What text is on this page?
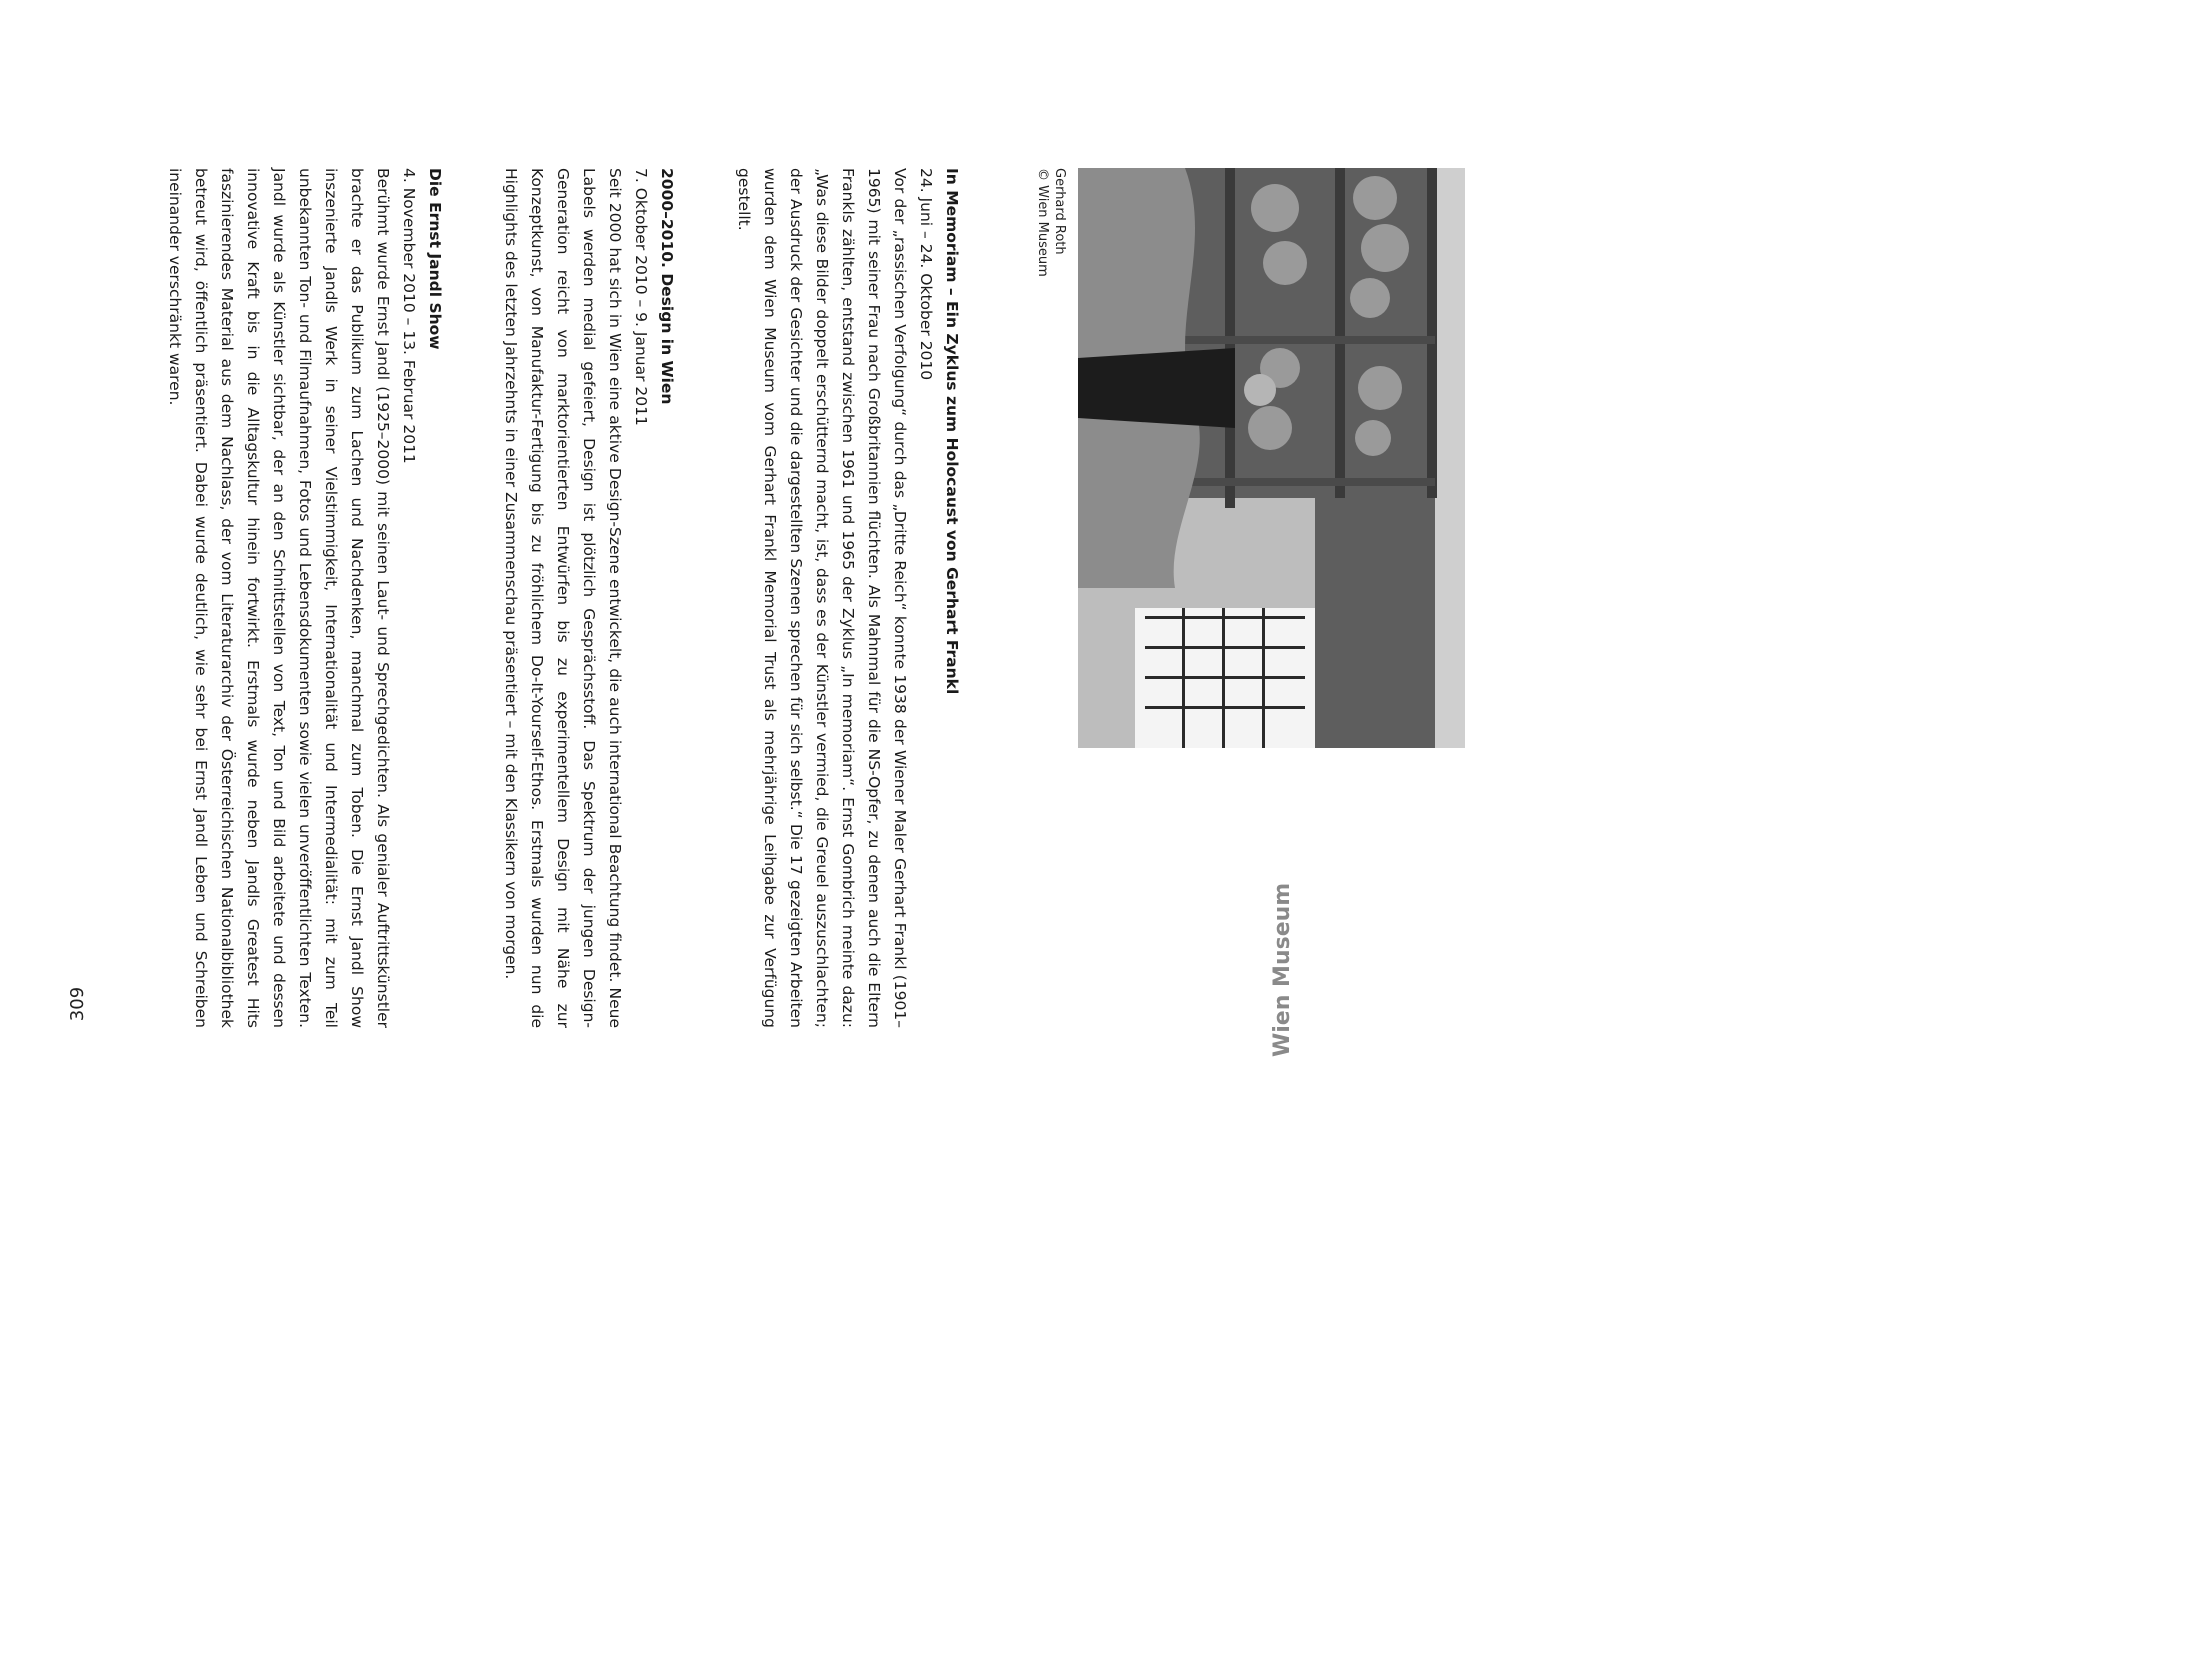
Gerhard Roth
© Wien Museum
In Memoriam – Ein Zyklus zum Holocaust von Gerhart Frankl
24. Juni – 24. Oktober 2010
Vor der „rassischen Verfolgung“ durch das „Dritte Reich“ konnte 1938 der Wiener Maler Gerhart Frankl (1901–1965) mit seiner Frau nach Großbritannien flüchten. Als Mahnmal für die NS-Opfer, zu denen auch die Eltern Frankls zählten, entstand zwischen 1961 und 1965 der Zyklus „In memoriam“. Ernst Gombrich meinte dazu: „Was diese Bilder doppelt erschütternd macht, ist, dass es der Künstler vermied, die Greuel auszuschlachten; der Ausdruck der Gesichter und die dargestellten Szenen sprechen für sich selbst.“ Die 17 gezeigten Arbeiten wurden dem Wien Museum vom Gerhart Frankl Memorial Trust als mehrjährige Leihgabe zur Verfügung gestellt.
2000–2010. Design in Wien
7. Oktober 2010 – 9. Januar 2011
Seit 2000 hat sich in Wien eine aktive Design-Szene entwickelt, die auch international Beachtung findet. Neue Labels werden medial gefeiert, Design ist plötzlich Gesprächsstoff. Das Spektrum der jungen Design-Generation reicht von marktorientierten Entwürfen bis zu experimentellem Design mit Nähe zur Konzeptkunst, von Manufaktur-Fertigung bis zu fröhlichem Do-It-Yourself-Ethos. Erstmals wurden nun die Highlights des letzten Jahrzehnts in einer Zusammenschau präsentiert – mit den Klassikern von morgen.
Die Ernst Jandl Show
4. November 2010 – 13. Februar 2011
Berühmt wurde Ernst Jandl (1925–2000) mit seinen Laut- und Sprechgedichten. Als genialer Auftrittskünstler brachte er das Publikum zum Lachen und Nachdenken, manchmal zum Toben. Die Ernst Jandl Show inszenierte Jandls Werk in seiner Vielstimmigkeit, Internationalität und Intermedialität: mit zum Teil unbekannten Ton- und Filmaufnahmen, Fotos und Lebensdokumenten sowie vielen unveröffentlichten Texten. Jandl wurde als Künstler sichtbar, der an den Schnittstellen von Text, Ton und Bild arbeitete und dessen innovative Kraft bis in die Alltagskultur hinein fortwirkt. Erstmals wurde neben Jandls Greatest Hits faszinierendes Material aus dem Nachlass, der vom Literaturarchiv der Österreichischen Nationalbibliothek betreut wird, öffentlich präsentiert. Dabei wurde deutlich, wie sehr bei Ernst Jandl Leben und Schreiben ineinander verschränkt waren.
Wien Museum
309
